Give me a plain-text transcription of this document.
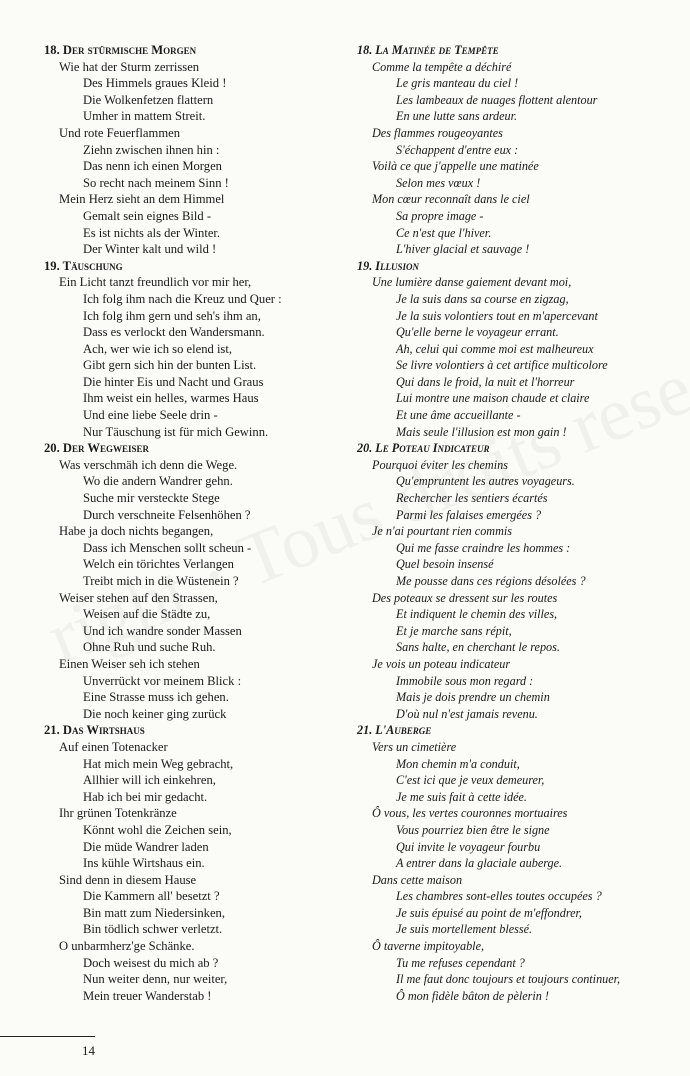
18. Der stürmische Morgen
Wie hat der Sturm zerrissen
Des Himmels graues Kleid !
Die Wolkenfetzen flattern
Umher in mattem Streit.
Und rote Feuerflammen
Ziehn zwischen ihnen hin :
Das nenn ich einen Morgen
So recht nach meinem Sinn !
Mein Herz sieht an dem Himmel
Gemalt sein eignes Bild -
Es ist nichts als der Winter.
Der Winter kalt und wild !
19. Täuschung
Ein Licht tanzt freundlich vor mir her,
Ich folg ihm nach die Kreuz und Quer :
Ich folg ihm gern und seh's ihm an,
Dass es verlockt den Wandersmann.
Ach, wer wie ich so elend ist,
Gibt gern sich hin der bunten List.
Die hinter Eis und Nacht und Graus
Ihm weist ein helles, warmes Haus
Und eine liebe Seele drin -
Nur Täuschung ist für mich Gewinn.
20. Der Wegweiser
Was verschmäh ich denn die Wege.
Wo die andern Wandrer gehn.
Suche mir versteckte Stege
Durch verschneite Felsenhöhen ?
Habe ja doch nichts begangen,
Dass ich Menschen sollt scheun -
Welch ein törichtes Verlangen
Treibt mich in die Wüstenein ?
Weiser stehen auf den Strassen,
Weisen auf die Städte zu,
Und ich wandre sonder Massen
Ohne Ruh und suche Ruh.
Einen Weiser seh ich stehen
Unverrückt vor meinem Blick :
Eine Strasse muss ich gehen.
Die noch keiner ging zurück
21. Das Wirtshaus
Auf einen Totenacker
Hat mich mein Weg gebracht,
Allhier will ich einkehren,
Hab ich bei mir gedacht.
Ihr grünen Totenkränze
Könnt wohl die Zeichen sein,
Die müde Wandrer laden
Ins kühle Wirtshaus ein.
Sind denn in diesem Hause
Die Kammern all' besetzt ?
Bin matt zum Niedersinken,
Bin tödlich schwer verletzt.
O unbarmherz'ge Schänke.
Doch weisest du mich ab ?
Nun weiter denn, nur weiter,
Mein treuer Wanderstab !
18. La Matinée de Tempête
Comme la tempête a déchiré
Le gris manteau du ciel !
Les lambeaux de nuages flottent alentour
En une lutte sans ardeur.
Des flammes rougeoyantes
S'échappent d'entre eux :
Voilà ce que j'appelle une matinée
Selon mes vœux !
Mon cœur reconnaît dans le ciel
Sa propre image -
Ce n'est que l'hiver.
L'hiver glacial et sauvage !
19. Illusion
Une lumière danse gaiement devant moi,
Je la suis dans sa course en zigzag,
Je la suis volontiers tout en m'apercevant
Qu'elle berne le voyageur errant.
Ah, celui qui comme moi est malheureux
Se livre volontiers à cet artifice multicolore
Qui dans le froid, la nuit et l'horreur
Lui montre une maison chaude et claire
Et une âme accueillante -
Mais seule l'illusion est mon gain !
20. Le Poteau Indicateur
Pourquoi éviter les chemins
Qu'empruntent les autres voyageurs.
Rechercher les sentiers écartés
Parmi les falaises emergées ?
Je n'ai pourtant rien commis
Qui me fasse craindre les hommes :
Quel besoin insensé
Me pousse dans ces régions désolées ?
Des poteaux se dressent sur les routes
Et indiquent le chemin des villes,
Et je marche sans répit,
Sans halte, en cherchant le repos.
Je vois un poteau indicateur
Immobile sous mon regard :
Mais je dois prendre un chemin
D'où nul n'est jamais revenu.
21. L'Auberge
Vers un cimetière
Mon chemin m'a conduit,
C'est ici que je veux demeurer,
Je me suis fait à cette idée.
Ô vous, les vertes couronnes mortuaires
Vous pourriez bien être le signe
Qui invite le voyageur fourbu
A entrer dans la glaciale auberge.
Dans cette maison
Les chambres sont-elles toutes occupées ?
Je suis épuisé au point de m'effondrer,
Je suis mortellement blessé.
Ô taverne impitoyable,
Tu me refuses cependant ?
Il me faut donc toujours et toujours continuer,
Ô mon fidèle bâton de pèlerin !
14
